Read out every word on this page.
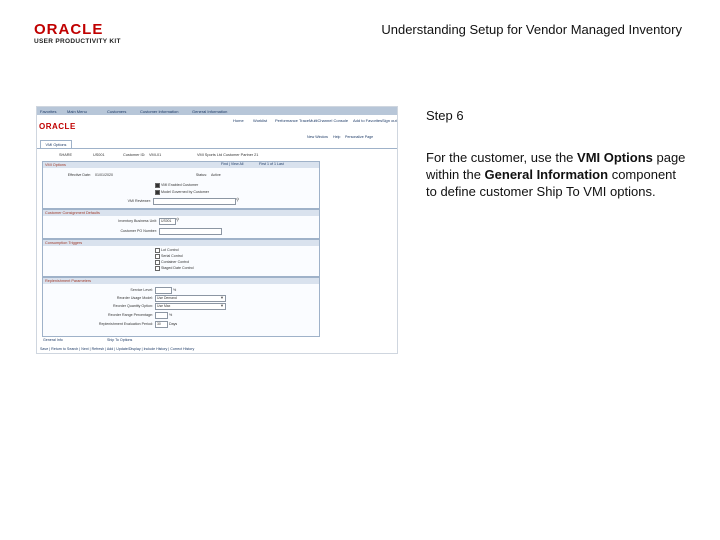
ORACLE
USER PRODUCTIVITY KIT
Understanding Setup for Vendor Managed Inventory
Favorites	Main Menu	Customers	Customer Information	General Information
ORACLE
Home Worklist Performance Trace MultiChannel Console Add to Favorites Sign out
New Window Help Personalize Page
VMI Options
SHARE	US001	Customer ID: VMI-01	VMI Sports Ltd Customer Partner 21
VMI Options	Find | View All	First 1 of 1 Last
Effective Date: 01/01/2020	Status: Active
VMI Enabled Customer
Model Governed by Customer
VMI Reviewer:	⚲
Customer Consignment Defaults
Inventory Business Unit:	US001	⚲
Customer PO Number:
Consumption Triggers
Lot Control
Serial Control
Container Control
Staged Date Control
Replenishment Parameters
Service Level:	%
Reorder Usage Model:	Use Demand	▼
Reorder Quantity Option:	Use Max	▼
Reorder Range Percentage:	%
Replenishment Evaluation Period:	30	Days
General Info	Ship To Options
Save | Return to Search | Next | Refresh | Add | Update/Display | Include History | Correct History
Step 6
For the customer, use the VMI Options page within the General Information component to define customer Ship To VMI options.
